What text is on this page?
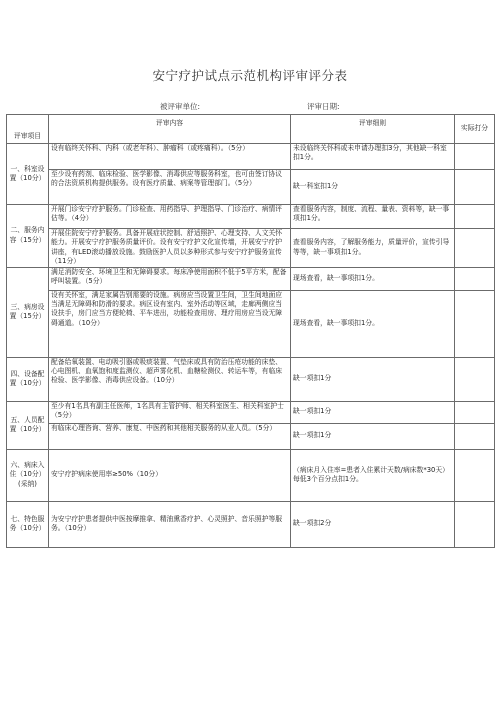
安宁疗护试点示范机构评审评分表
被评审单位:	评审日期:
评审项目	评审内容	评审细则	实际打分
一、科室设置（10分）	设有临终关怀科、内科（或老年科）、肿瘤科（或疼痛科）。（5分）	未设临终关怀科或未申请办理扣3分，其他缺一科室扣1分。	
	至少设有药剂、临床检验、医学影像、消毒供应等服务科室，也可由签订协议的合法资质机构提供服务。设有医疗质量、病案等管理部门。（5分）	缺一科室扣1分	
二、服务内容（15分）	开展门诊安宁疗护服务。门诊检查、用药指导、护理指导、门诊治疗、病情评估等。（4分）	查看服务内容，制度、流程、量表、资料等，缺一事项扣1分。	
	开展住院安宁疗护服务。具备开展症状控制、舒适照护、心理支持、人文关怀能力。开展安宁疗护服务质量评价。设有安宁疗护文化宣传墙，开展安宁疗护讲座，有LED滚动播放设施。鼓励医护人员以多种形式参与安宁疗护服务宣传（11分）	查看服务内容，了解服务能力，质量评价，宣传引导等等，缺一事项扣1分。	
三、病房设置（15分）	满足消防安全、环境卫生和无障碍要求。每床净使用面积不低于5平方米，配备呼叫装置。（5分）	现场查看，缺一事项扣1分。	
	设有关怀室，满足家属告别需要的设施。病房应当设置卫生间，卫生间地面应当满足无障碍和防滑的要求。病区设有室内、室外活动等区域，走廊两侧应当设扶手，房门应当方便轮椅、平车进出，功能检查用房、理疗用房应当设无障碍通道。（10分）	现场查看，缺一事项扣1分。	
四、设备配置（10分）	配备给氧装置、电动吸引器或吸痰装置、气垫床或具有防治压疮功能的床垫、心电图机、血氧饱和度监测仪、超声雾化机、血糖检测仪、转运车等，有临床检验、医学影像、消毒供应设备。（10分）	缺一项扣1分	
五、人员配置（10分）	至少有1名具有副主任医师，1名具有主管护师、相关科室医生、相关科室护士（5分）	缺一项扣1分	
	有临床心理咨询、营养、康复、中医药和其他相关服务的从业人员。（5分）	缺一项扣1分	
六、病床入住（10分）(采纳)	安宁疗护病床使用率≥50%（10分）	（病床月入住率=患者入住累计天数/病床数*30天）每低3个百分点扣1分。	
七、特色服务（10分）	为安宁疗护患者提供中医按摩推拿、精油熏香疗护、心灵照护、音乐照护等服务。（10分）	缺一项扣2分	
